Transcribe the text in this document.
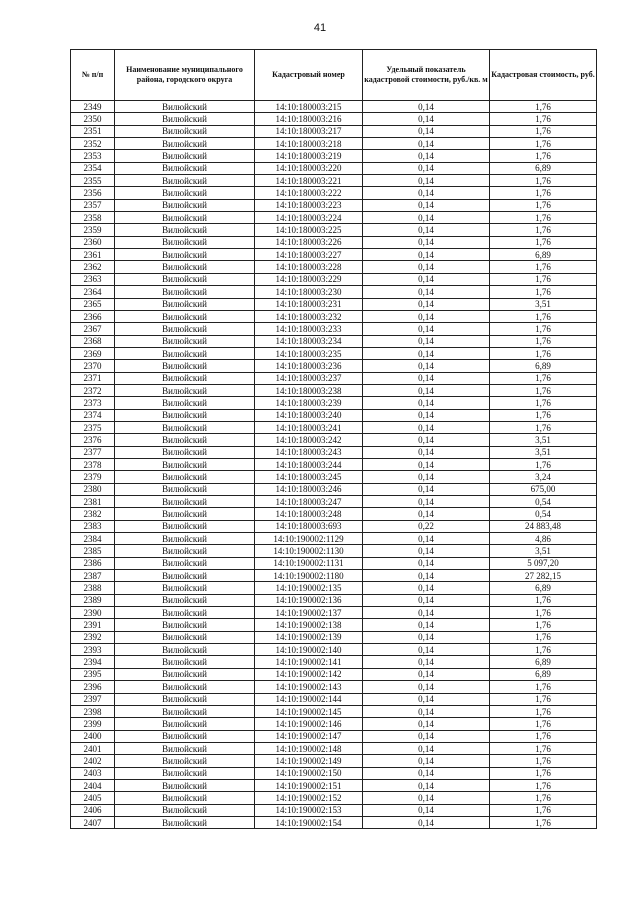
41
№ п/п	Наименование муниципального района, городского округа	Кадастровый номер	Удельный показатель кадастровой стоимости, руб./кв. м	Кадастровая стоимость, руб.
2349	Вилюйский	14:10:180003:215	0,14	1,76
2350	Вилюйский	14:10:180003:216	0,14	1,76
2351	Вилюйский	14:10:180003:217	0,14	1,76
2352	Вилюйский	14:10:180003:218	0,14	1,76
2353	Вилюйский	14:10:180003:219	0,14	1,76
2354	Вилюйский	14:10:180003:220	0,14	6,89
2355	Вилюйский	14:10:180003:221	0,14	1,76
2356	Вилюйский	14:10:180003:222	0,14	1,76
2357	Вилюйский	14:10:180003:223	0,14	1,76
2358	Вилюйский	14:10:180003:224	0,14	1,76
2359	Вилюйский	14:10:180003:225	0,14	1,76
2360	Вилюйский	14:10:180003:226	0,14	1,76
2361	Вилюйский	14:10:180003:227	0,14	6,89
2362	Вилюйский	14:10:180003:228	0,14	1,76
2363	Вилюйский	14:10:180003:229	0,14	1,76
2364	Вилюйский	14:10:180003:230	0,14	1,76
2365	Вилюйский	14:10:180003:231	0,14	3,51
2366	Вилюйский	14:10:180003:232	0,14	1,76
2367	Вилюйский	14:10:180003:233	0,14	1,76
2368	Вилюйский	14:10:180003:234	0,14	1,76
2369	Вилюйский	14:10:180003:235	0,14	1,76
2370	Вилюйский	14:10:180003:236	0,14	6,89
2371	Вилюйский	14:10:180003:237	0,14	1,76
2372	Вилюйский	14:10:180003:238	0,14	1,76
2373	Вилюйский	14:10:180003:239	0,14	1,76
2374	Вилюйский	14:10:180003:240	0,14	1,76
2375	Вилюйский	14:10:180003:241	0,14	1,76
2376	Вилюйский	14:10:180003:242	0,14	3,51
2377	Вилюйский	14:10:180003:243	0,14	3,51
2378	Вилюйский	14:10:180003:244	0,14	1,76
2379	Вилюйский	14:10:180003:245	0,14	3,24
2380	Вилюйский	14:10:180003:246	0,14	675,00
2381	Вилюйский	14:10:180003:247	0,14	0,54
2382	Вилюйский	14:10:180003:248	0,14	0,54
2383	Вилюйский	14:10:180003:693	0,22	24 883,48
2384	Вилюйский	14:10:190002:1129	0,14	4,86
2385	Вилюйский	14:10:190002:1130	0,14	3,51
2386	Вилюйский	14:10:190002:1131	0,14	5 097,20
2387	Вилюйский	14:10:190002:1180	0,14	27 282,15
2388	Вилюйский	14:10:190002:135	0,14	6,89
2389	Вилюйский	14:10:190002:136	0,14	1,76
2390	Вилюйский	14:10:190002:137	0,14	1,76
2391	Вилюйский	14:10:190002:138	0,14	1,76
2392	Вилюйский	14:10:190002:139	0,14	1,76
2393	Вилюйский	14:10:190002:140	0,14	1,76
2394	Вилюйский	14:10:190002:141	0,14	6,89
2395	Вилюйский	14:10:190002:142	0,14	6,89
2396	Вилюйский	14:10:190002:143	0,14	1,76
2397	Вилюйский	14:10:190002:144	0,14	1,76
2398	Вилюйский	14:10:190002:145	0,14	1,76
2399	Вилюйский	14:10:190002:146	0,14	1,76
2400	Вилюйский	14:10:190002:147	0,14	1,76
2401	Вилюйский	14:10:190002:148	0,14	1,76
2402	Вилюйский	14:10:190002:149	0,14	1,76
2403	Вилюйский	14:10:190002:150	0,14	1,76
2404	Вилюйский	14:10:190002:151	0,14	1,76
2405	Вилюйский	14:10:190002:152	0,14	1,76
2406	Вилюйский	14:10:190002:153	0,14	1,76
2407	Вилюйский	14:10:190002:154	0,14	1,76
